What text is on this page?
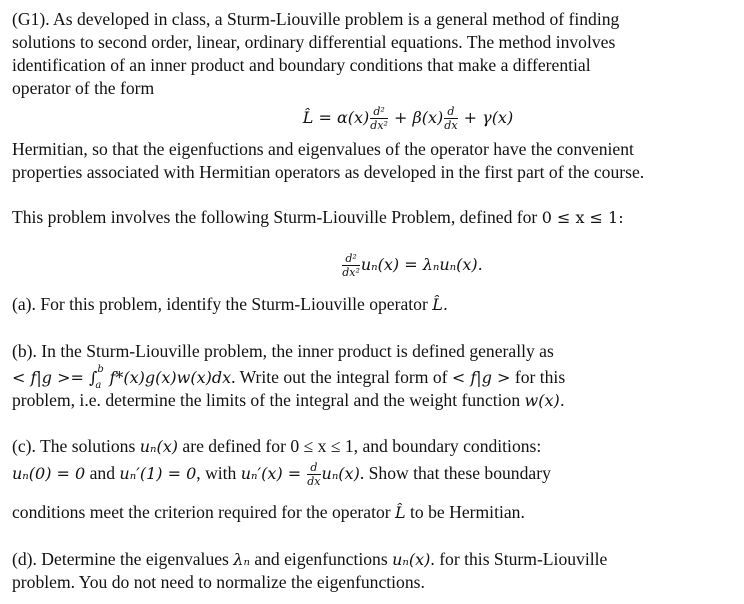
(G1). As developed in class, a Sturm-Liouville problem is a general method of finding
solutions to second order, linear, ordinary differential equations. The method involves
identification of an inner product and boundary conditions that make a differential
operator of the form
L̂ = $\alpha(x) \frac{\text{d²}}{\text{dx²}} + \beta(x) \frac{d}{dx} + \gamma(x)$
Hermitian, so that the eigenfuctions and eigenvalues of the operator have the convenient
properties associated with Hermitian operators as developed in the first part of the course.
This problem involves the following Sturm-Liouville Problem, defined for 0 ≤ x ≤ 1:
$\frac{\text{d²}}{\text{dx²}} u_n(x) = \lambda_nu_n(x)$.
(a). For this problem, identify the Sturm-Liouville operator L̂.
(b). In the Sturm-Liouville problem, the inner product is defined generally as
< f|g >= ∫ b
a f*(x)g(x)w(x)dx. Write out the integral form of < f|g > for this
problem, i.e. determine the limits of the integral and the weight function w(x).
(c). The solutions uₙ(x) are defined for 0 ≤ x ≤ 1, and boundary conditions:
uₙ(0) = 0 and uₙ′(1) = 0, with $u_n'(x) = \frac{d}{dx} u_n(x)$. Show that these boundary
conditions meet the criterion required for the operator L̂ to be Hermitian.
(d). Determine the eigenvalues λₙ and eigenfunctions uₙ(x). for this Sturm-Liouville
problem. You do not need to normalize the eigenfunctions.
